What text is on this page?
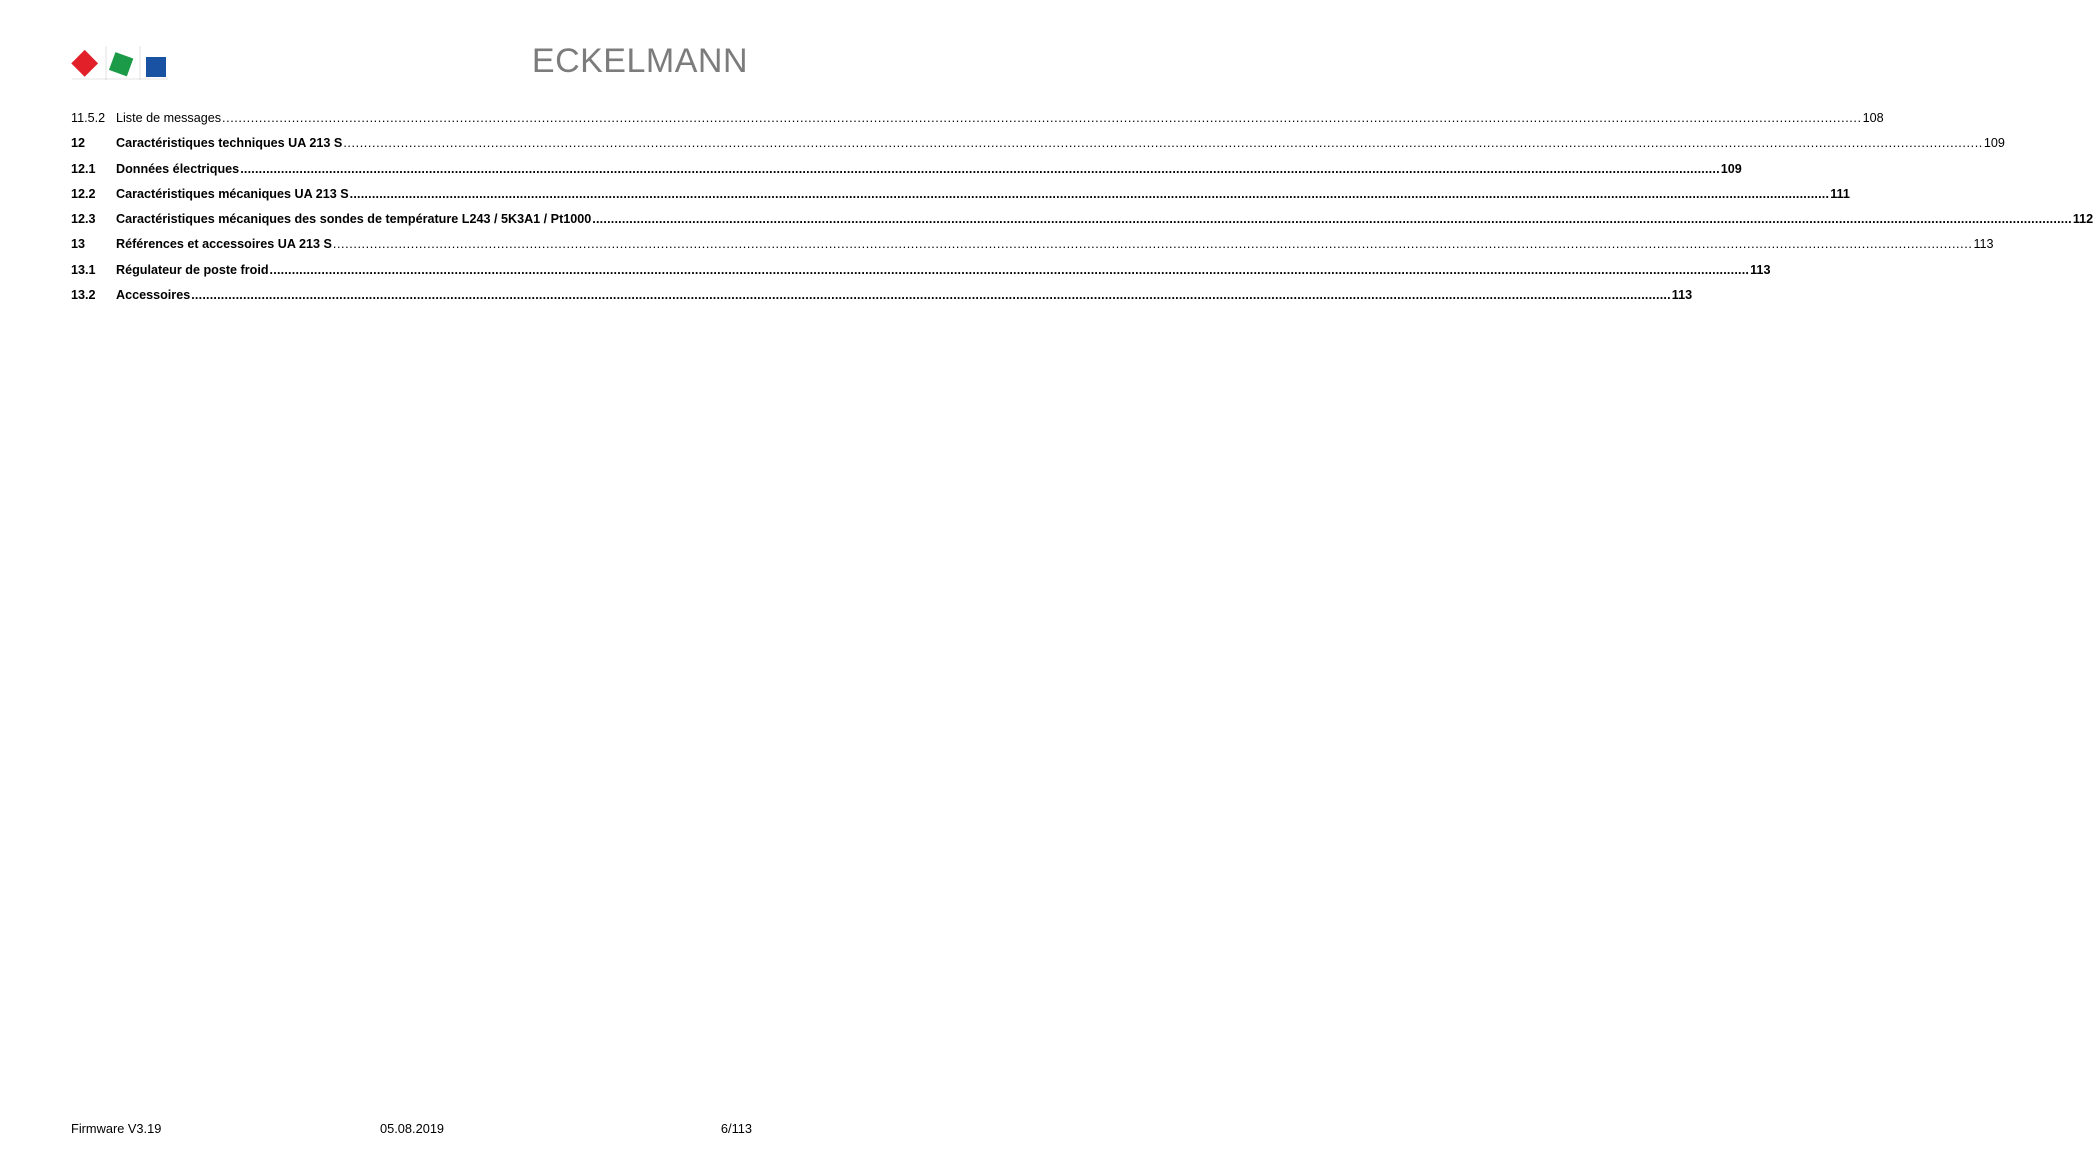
ECKELMANN
11.5.2 Liste de messages ................................................................................................................................................................................................................................................................................................................................................................................................................ 108
12	Caractéristiques techniques UA 213 S ................................................................................................................................................................................................................................................................................................................................................................................................................ 109
12.1	Données électriques ................................................................................................................................................................................................................................................................................................................................................................................................................ 109
12.2	Caractéristiques mécaniques UA 213 S ................................................................................................................................................................................................................................................................................................................................................................................................................ 111
12.3	Caractéristiques mécaniques des sondes de température L243 / 5K3A1 / Pt1000 ................................................................................................................................................................................................................................................................................................................................................................................................................ 112
13	Références et accessoires UA 213 S ................................................................................................................................................................................................................................................................................................................................................................................................................ 113
13.1	Régulateur de poste froid ................................................................................................................................................................................................................................................................................................................................................................................................................ 113
13.2	Accessoires ................................................................................................................................................................................................................................................................................................................................................................................................................ 113
Firmware V3.19	05.08.2019	6/113
